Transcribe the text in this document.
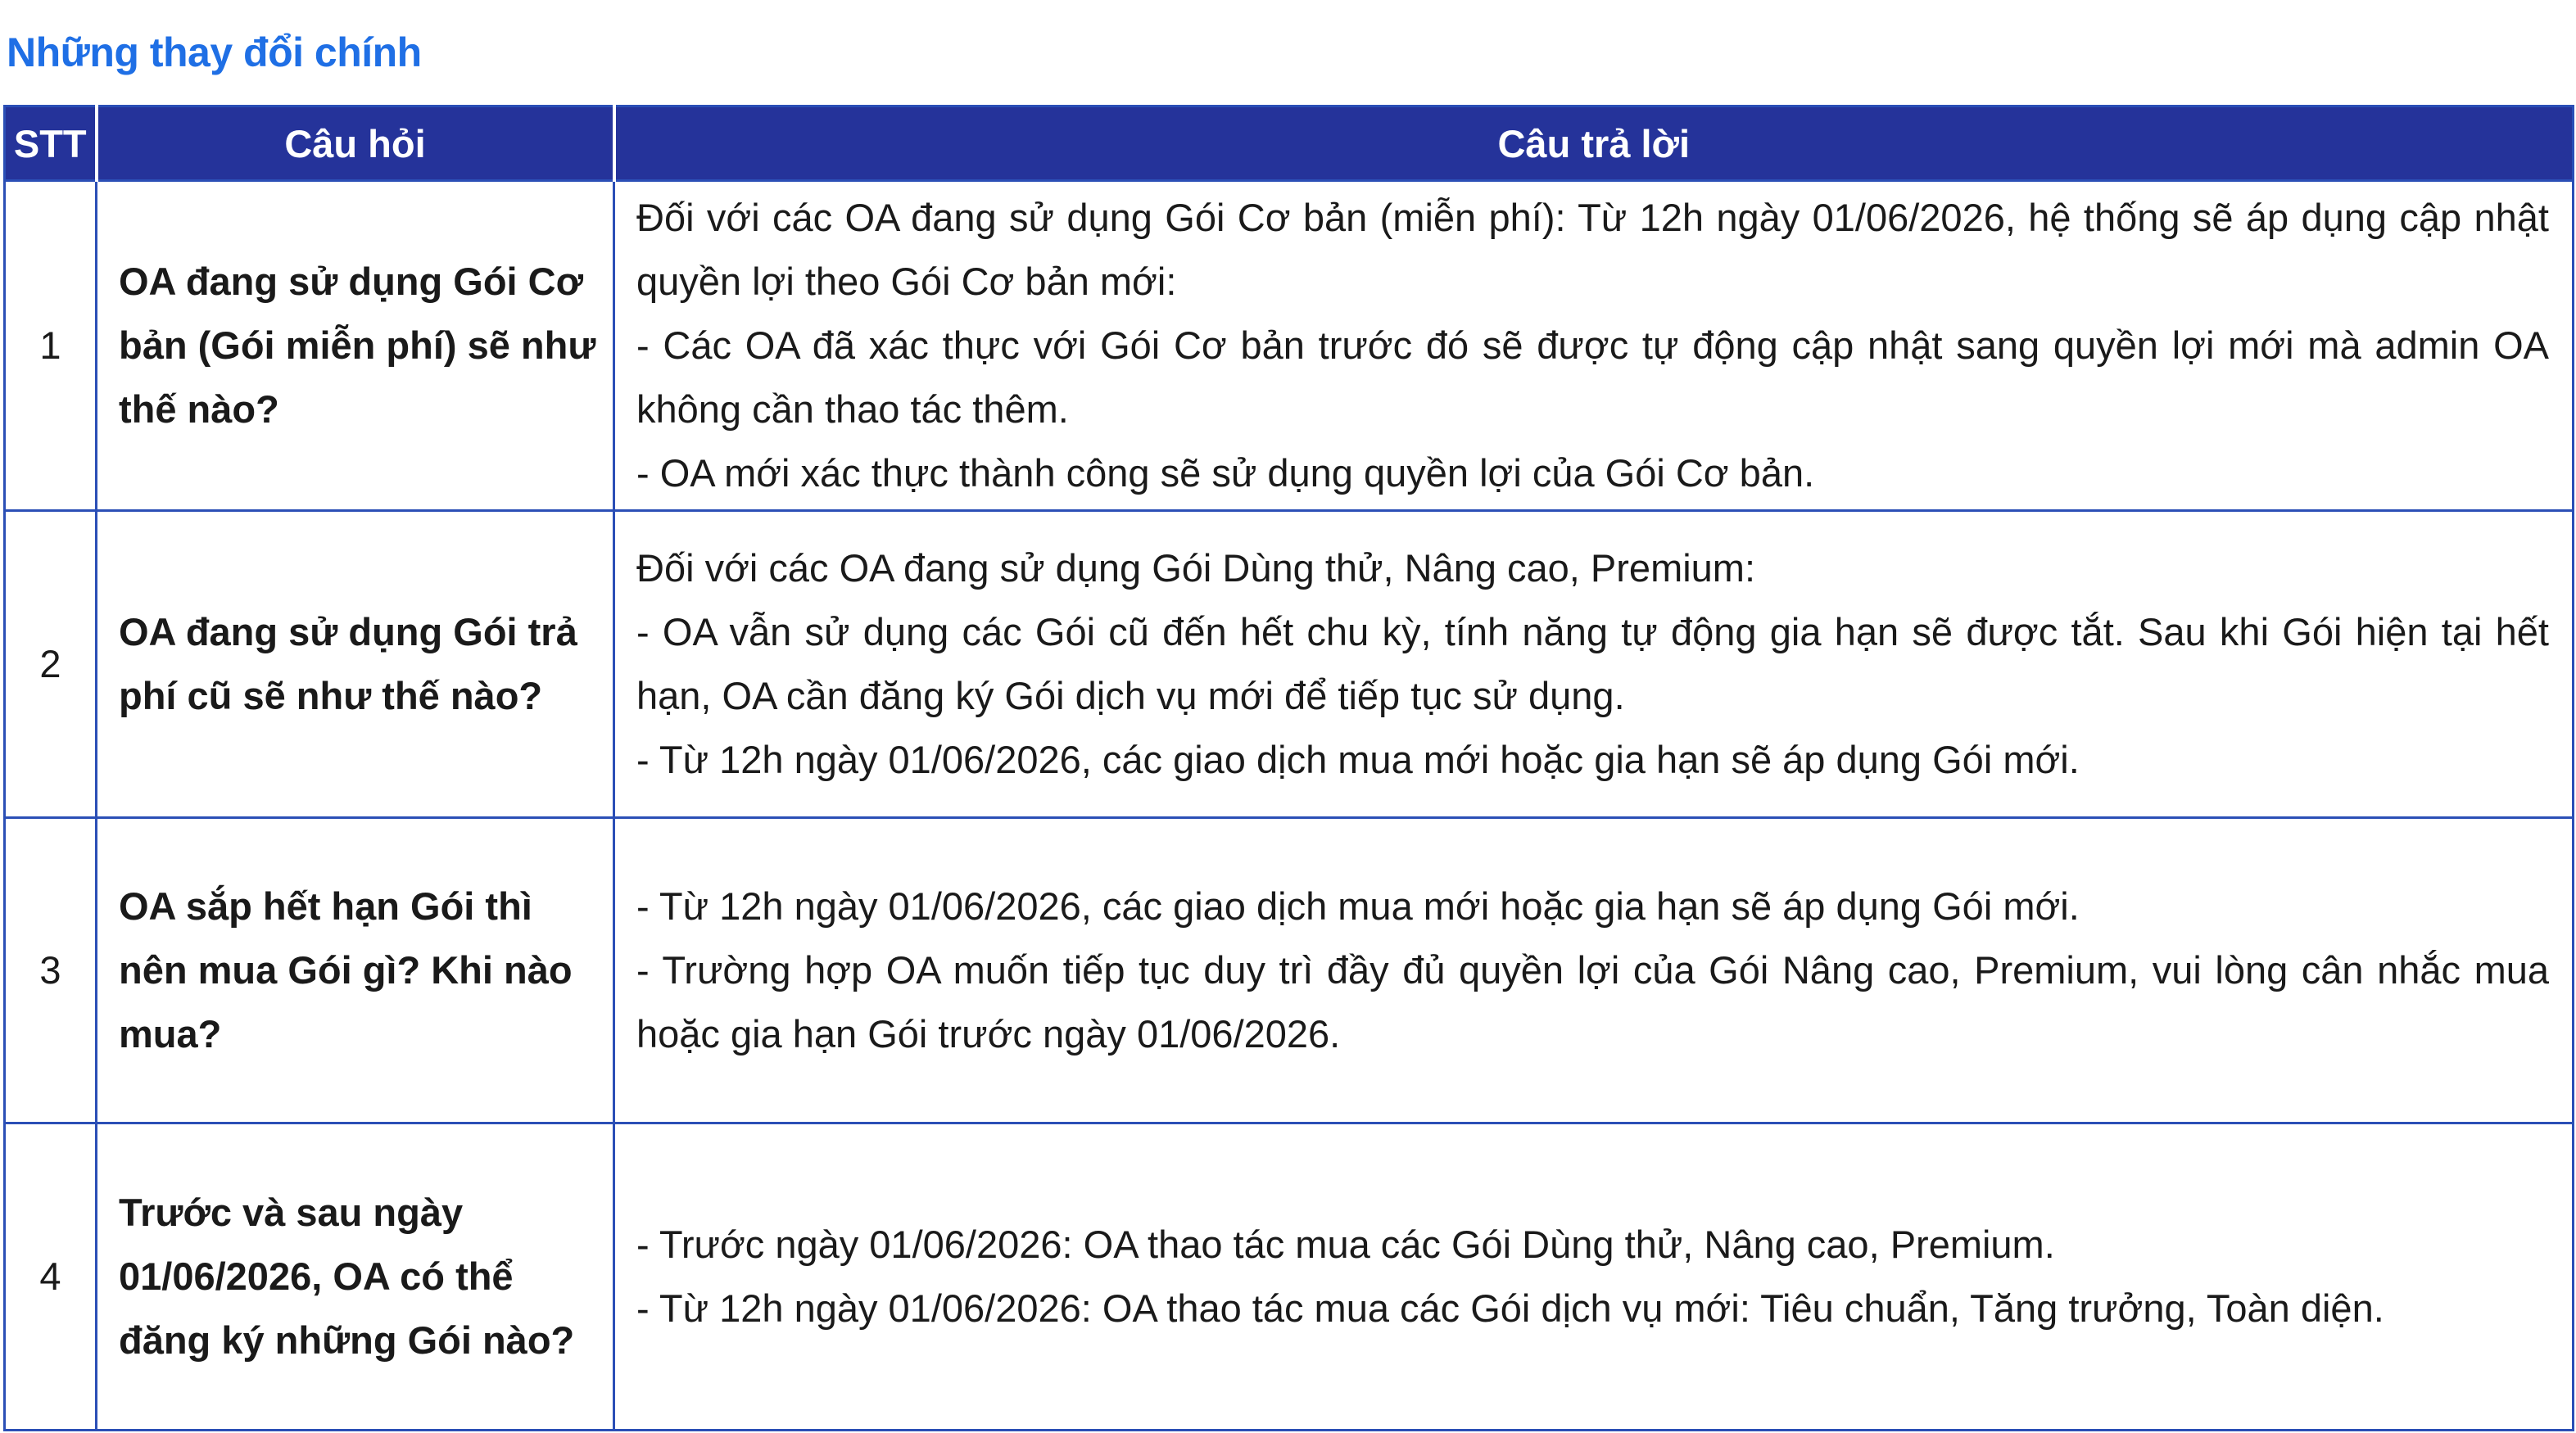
Những thay đổi chính
STT	Câu hỏi	Câu trả lời
1	OA đang sử dụng Gói Cơ bản (Gói miễn phí) sẽ như thế nào?	Đối với các OA đang sử dụng Gói Cơ bản (miễn phí): Từ 12h ngày 01/06/2026, hệ thống sẽ áp dụng cập nhật quyền lợi theo Gói Cơ bản mới:
- Các OA đã xác thực với Gói Cơ bản trước đó sẽ được tự động cập nhật sang quyền lợi mới mà admin OA không cần thao tác thêm.
- OA mới xác thực thành công sẽ sử dụng quyền lợi của Gói Cơ bản.

2	OA đang sử dụng Gói trả phí cũ sẽ như thế nào?	Đối với các OA đang sử dụng Gói Dùng thử, Nâng cao, Premium:
- OA vẫn sử dụng các Gói cũ đến hết chu kỳ, tính năng tự động gia hạn sẽ được tắt. Sau khi Gói hiện tại hết hạn, OA cần đăng ký Gói dịch vụ mới để tiếp tục sử dụng.
- Từ 12h ngày 01/06/2026, các giao dịch mua mới hoặc gia hạn sẽ áp dụng Gói mới.

3	OA sắp hết hạn Gói thì nên mua Gói gì? Khi nào mua?	- Từ 12h ngày 01/06/2026, các giao dịch mua mới hoặc gia hạn sẽ áp dụng Gói mới.
- Trường hợp OA muốn tiếp tục duy trì đầy đủ quyền lợi của Gói Nâng cao, Premium, vui lòng cân nhắc mua hoặc gia hạn Gói trước ngày 01/06/2026.

4	Trước và sau ngày 01/06/2026, OA có thể đăng ký những Gói nào?	- Trước ngày 01/06/2026: OA thao tác mua các Gói Dùng thử, Nâng cao, Premium.
- Từ 12h ngày 01/06/2026: OA thao tác mua các Gói dịch vụ mới: Tiêu chuẩn, Tăng trưởng, Toàn diện.
